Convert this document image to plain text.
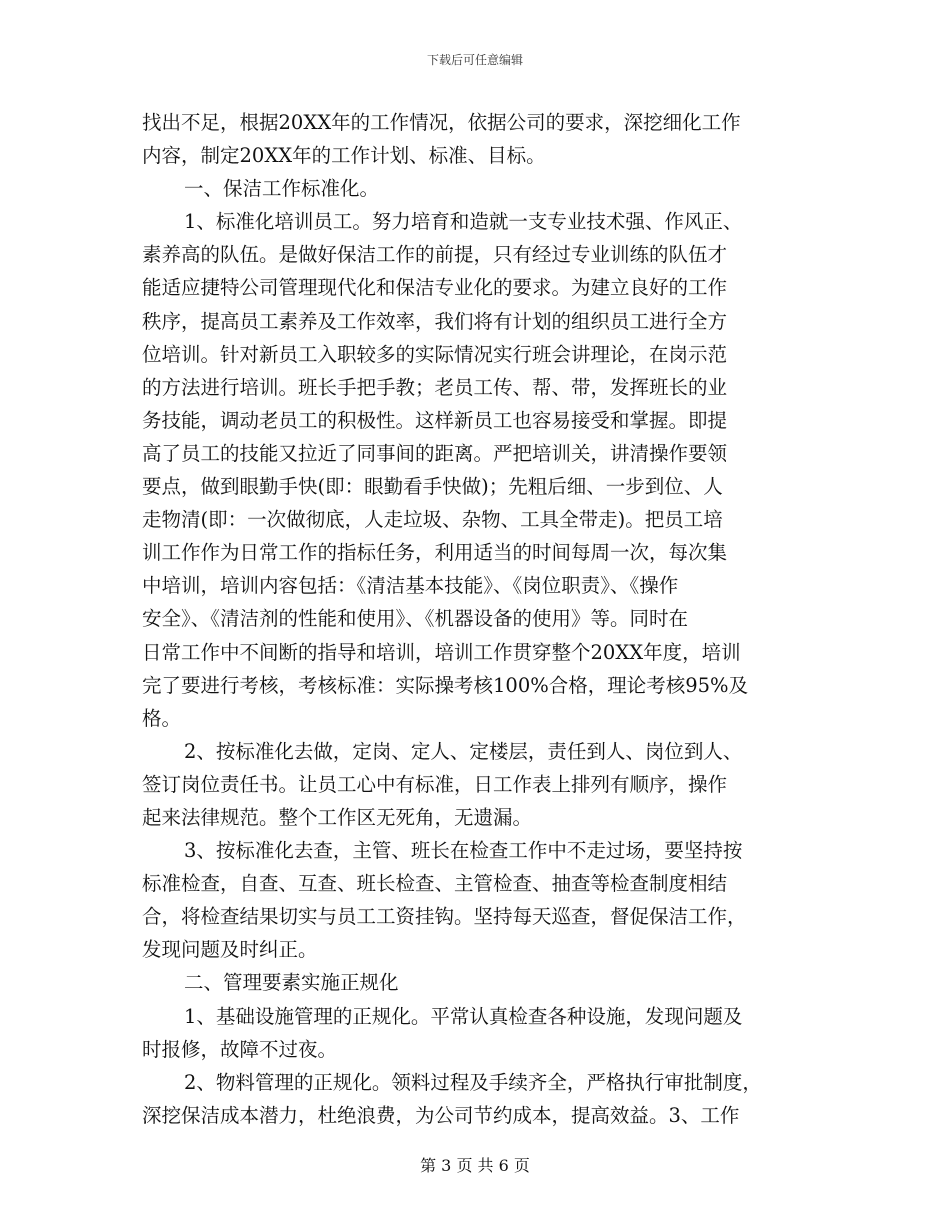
下载后可任意编辑
找出不足，根据20XX年的工作情况，依据公司的要求，深挖细化工作
内容，制定20XX年的工作计划、标准、目标。
一、保洁工作标准化。
1、标准化培训员工。努力培育和造就一支专业技术强、作风正、
素养高的队伍。是做好保洁工作的前提，只有经过专业训练的队伍才
能适应捷特公司管理现代化和保洁专业化的要求。为建立良好的工作
秩序，提高员工素养及工作效率，我们将有计划的组织员工进行全方
位培训。针对新员工入职较多的实际情况实行班会讲理论，在岗示范
的方法进行培训。班长手把手教；老员工传、帮、带，发挥班长的业
务技能，调动老员工的积极性。这样新员工也容易接受和掌握。即提
高了员工的技能又拉近了同事间的距离。严把培训关，讲清操作要领
要点，做到眼勤手快(即：眼勤看手快做)；先粗后细、一步到位、人
走物清(即：一次做彻底，人走垃圾、杂物、工具全带走)。把员工培
训工作作为日常工作的指标任务，利用适当的时间每周一次，每次集
中培训，培训内容包括：《清洁基本技能》、《岗位职责》、《操作
安全》、《清洁剂的性能和使用》、《机器设备的使用》等。同时在
日常工作中不间断的指导和培训，培训工作贯穿整个20XX年度，培训
完了要进行考核，考核标准：实际操考核100%合格，理论考核95%及
格。
2、按标准化去做，定岗、定人、定楼层，责任到人、岗位到人、
签订岗位责任书。让员工心中有标准，日工作表上排列有顺序，操作
起来法律规范。整个工作区无死角，无遗漏。
3、按标准化去查，主管、班长在检查工作中不走过场，要坚持按
标准检查，自查、互查、班长检查、主管检查、抽查等检查制度相结
合，将检查结果切实与员工工资挂钩。坚持每天巡查，督促保洁工作，
发现问题及时纠正。
二、管理要素实施正规化
1、基础设施管理的正规化。平常认真检查各种设施，发现问题及
时报修，故障不过夜。
2、物料管理的正规化。领料过程及手续齐全，严格执行审批制度，
深挖保洁成本潜力，杜绝浪费，为公司节约成本，提高效益。3、工作
第 3 页 共 6 页
